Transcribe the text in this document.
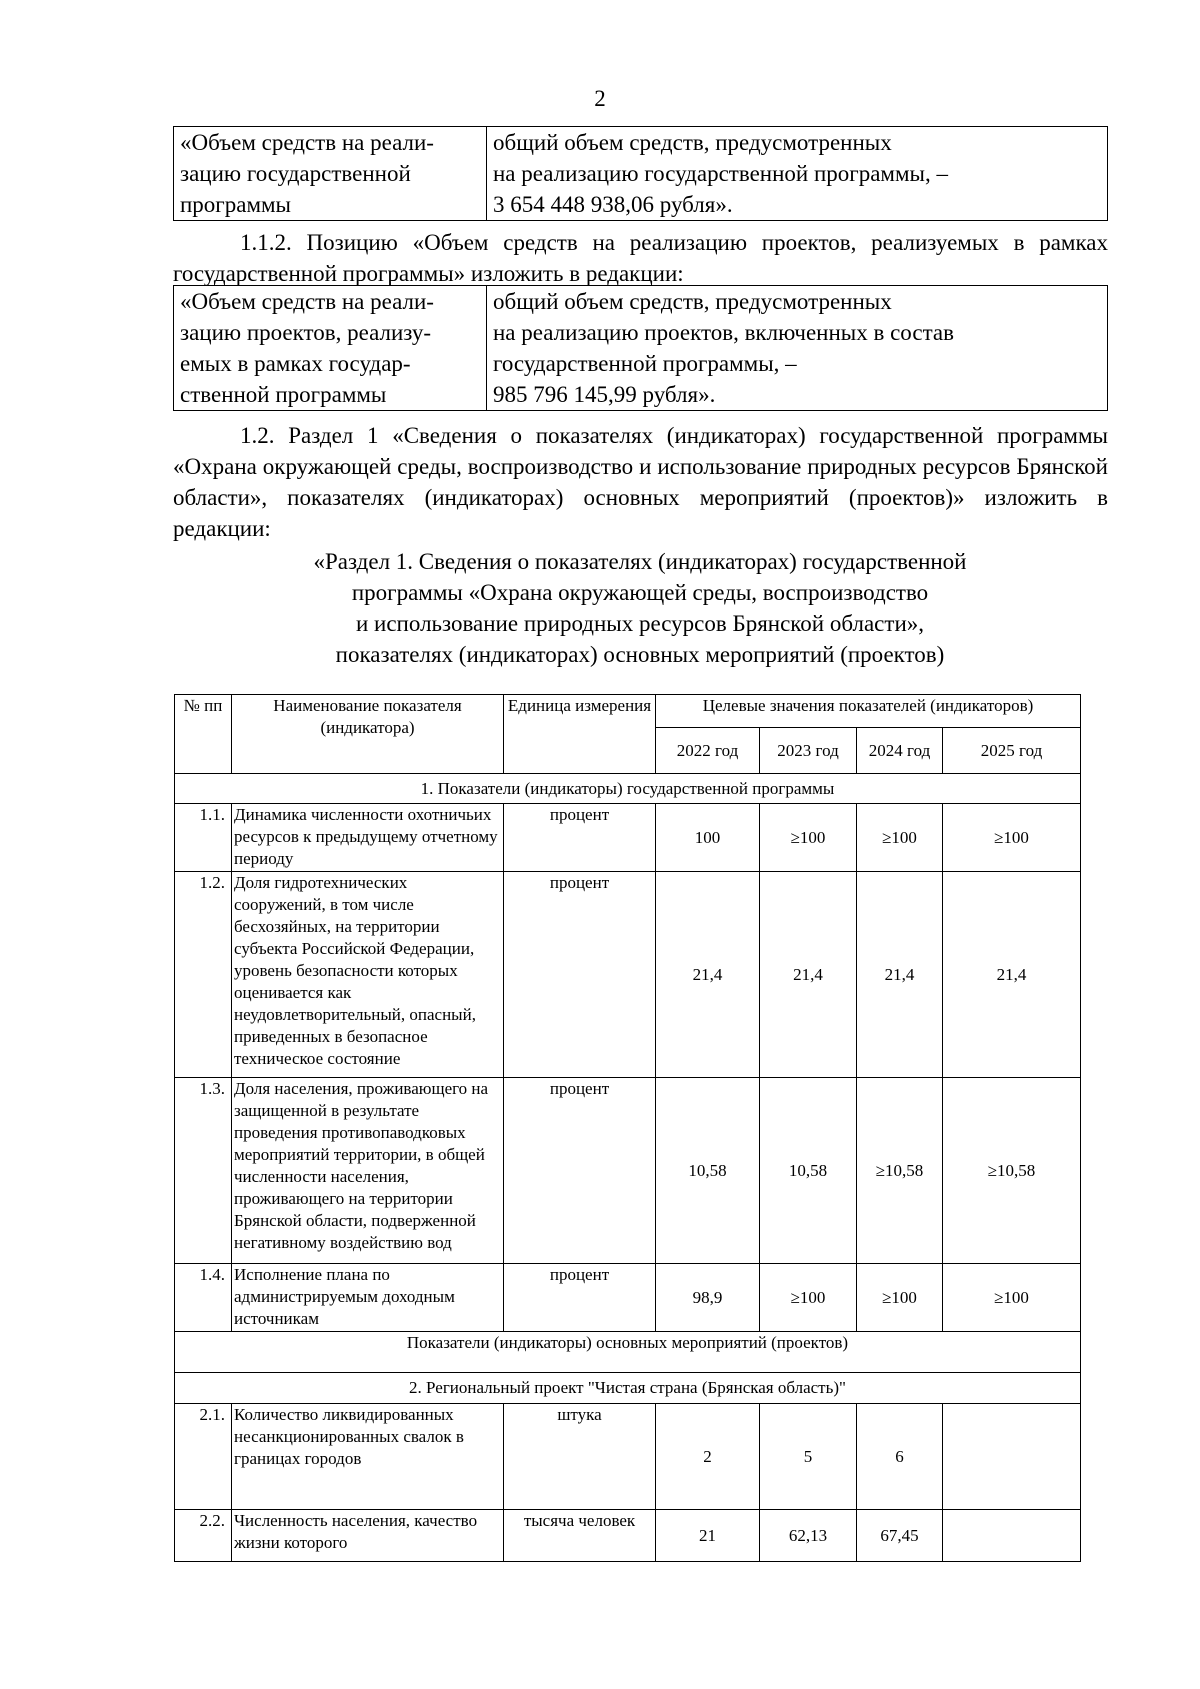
2
«Объем средств на реали-
зацию государственной
программы	общий объем средств, предусмотренных
на реализацию государственной программы, –
3 654 448 938,06 рубля».
1.1.2. Позицию «Объем средств на реализацию проектов, реализуемых в рамках государственной программы» изложить в редакции:
«Объем средств на реали-
зацию проектов, реализу-
емых в рамках государ-
ственной программы	общий объем средств, предусмотренных
на реализацию проектов, включенных в состав
государственной программы, –
985 796 145,99 рубля».
1.2. Раздел 1 «Сведения о показателях (индикаторах) государственной программы «Охрана окружающей среды, воспроизводство и использование природных ресурсов Брянской области», показателях (индикаторах) основных мероприятий (проектов)» изложить в редакции:
«Раздел 1. Сведения о показателях (индикаторах) государственной
программы «Охрана окружающей среды, воспроизводство
и использование природных ресурсов Брянской области»,
показателях (индикаторах) основных мероприятий (проектов)
№ пп	Наименование показателя (индикатора)	Единица измерения	Целевые значения показателей (индикаторов)			
			2022 год	2023 год	2024 год	2025 год
1. Показатели (индикаторы) государственной программы						
1.1.	Динамика численности охотничьих ресурсов к предыдущему отчетному периоду	процент	100	≥100	≥100	≥100
1.2.	Доля гидротехнических сооружений, в том числе бесхозяйных, на территории субъекта Российской Федерации, уровень безопасности которых оценивается как неудовлетворительный, опасный, приведенных в безопасное техническое состояние	процент	21,4	21,4	21,4	21,4
1.3.	Доля населения, проживающего на защищенной в результате проведения противопаводковых мероприятий территории, в общей численности населения, проживающего на территории Брянской области, подверженной негативному воздействию вод	процент	10,58	10,58	≥10,58	≥10,58
1.4.	Исполнение плана по администрируемым доходным источникам	процент	98,9	≥100	≥100	≥100
Показатели (индикаторы) основных мероприятий (проектов)						
2. Региональный проект "Чистая страна (Брянская область)"						
2.1.	Количество ликвидированных несанкционированных свалок в границах городов	штука	2	5	6	
2.2.	Численность населения, качество жизни которого	тысяча человек	21	62,13	67,45	
